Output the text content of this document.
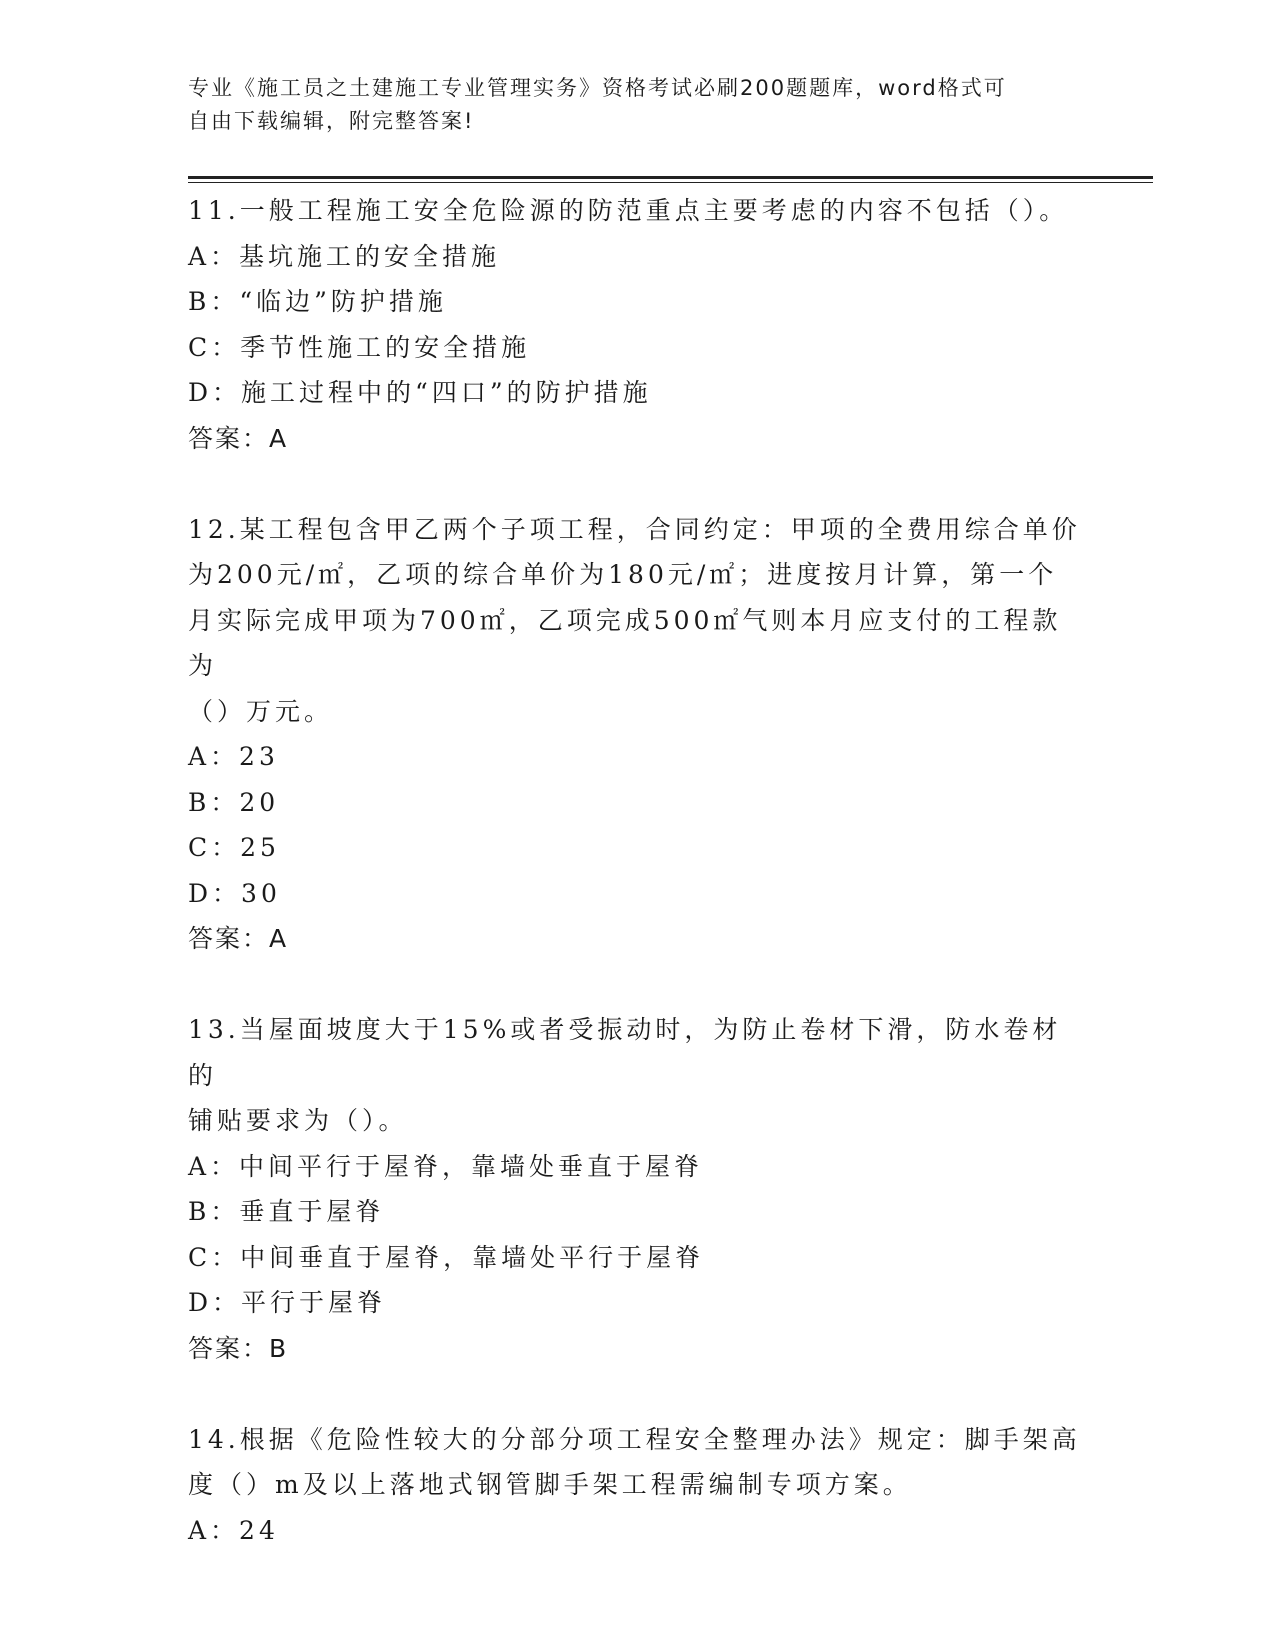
专业《施工员之土建施工专业管理实务》资格考试必刷200题题库，word格式可
自由下载编辑，附完整答案!
11.一般工程施工安全危险源的防范重点主要考虑的内容不包括（）。
A：基坑施工的安全措施
B：“临边”防护措施
C：季节性施工的安全措施
D：施工过程中的“四口”的防护措施
答案：A
12.某工程包含甲乙两个子项工程，合同约定：甲项的全费用综合单价
为200元/㎡，乙项的综合单价为180元/㎡；进度按月计算，第一个
月实际完成甲项为700㎡，乙项完成500㎡气则本月应支付的工程款为
（）万元。
A：23
B：20
C：25
D：30
答案：A
13.当屋面坡度大于15%或者受振动时，为防止卷材下滑，防水卷材的
铺贴要求为（）。
A：中间平行于屋脊，靠墙处垂直于屋脊
B：垂直于屋脊
C：中间垂直于屋脊，靠墙处平行于屋脊
D：平行于屋脊
答案：B
14.根据《危险性较大的分部分项工程安全整理办法》规定：脚手架高
度（）m及以上落地式钢管脚手架工程需编制专项方案。
A：24
